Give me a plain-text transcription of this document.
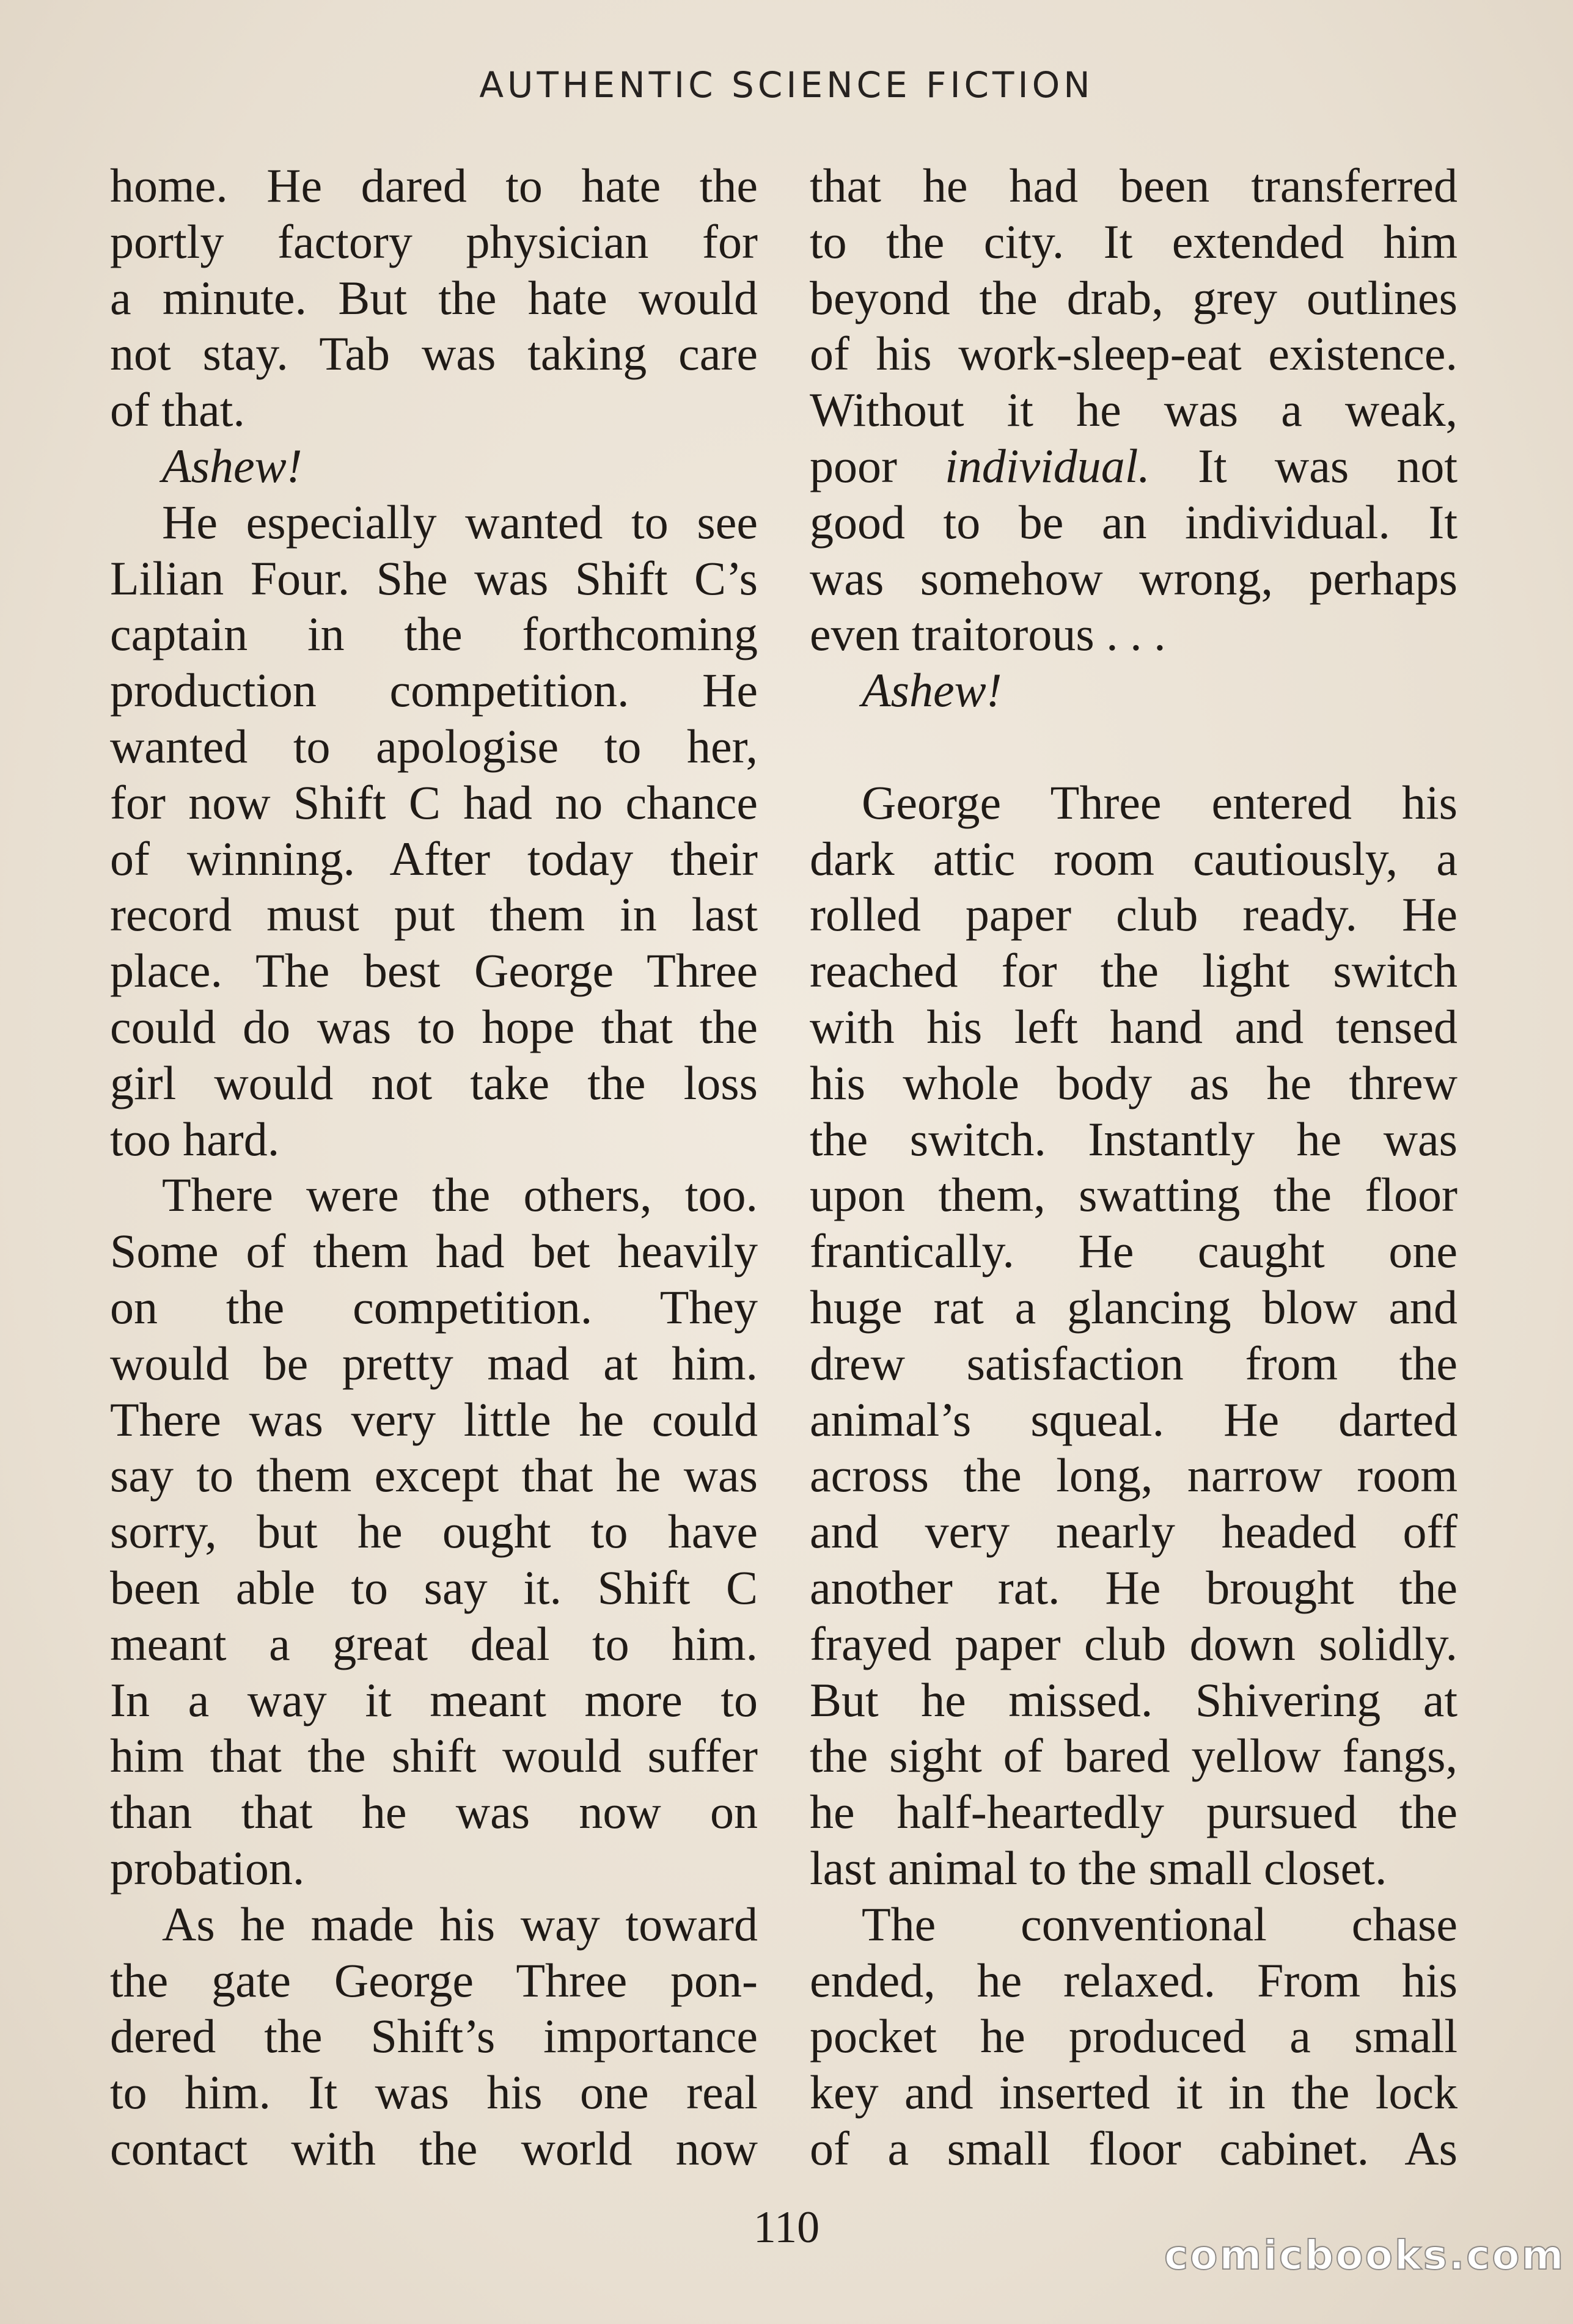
AUTHENTIC SCIENCE FICTION

home. He dared to hate the
portly factory physician for
a minute. But the hate would
not stay. Tab was taking care
of that.

Ashew!

He especially wanted to see
Lilian Four. She was Shift C’s
captain in the forthcoming
production competition. He
wanted to apologise to her,
for now Shift C had no chance
of winning. After today their
record must put them in last
place. The best George Three
could do was to hope that the
girl would not take the loss
too hard.

There were the others, too.
Some of them had bet heavily
on the competition. They
would be pretty mad at him.
There was very little he could
say to them except that he was
sorry, but he ought to have
been able to say it. Shift C
meant a great deal to him.
In a way it meant more to
him that the shift would suffer
than that he was now on
probation.

As he made his way toward
the gate George Three pon-
dered the Shift’s importance
to him. It was his one real
contact with the world now

that he had been transferred
to the city. It extended him
beyond the drab, grey outlines
of his work-sleep-eat existence.
Without it he was a weak,

poor individual. It was not

good to be an individual. It
was somehow wrong, perhaps
even traitorous . . .

Ashew!

George Three entered his
dark attic room cautiously, a
rolled paper club ready. He
reached for the light switch
with his left hand and tensed
his whole body as he threw
the switch. Instantly he was
upon them, swatting the floor
frantically. He caught one
huge rat a glancing blow and
drew satisfaction from the
animal’s squeal. He darted
across the long, narrow room
and very nearly headed off
another rat. He brought the
frayed paper club down solidly.
But he missed. Shivering at
the sight of bared yellow fangs,
he half-heartedly pursued the
last animal to the small closet.

The conventional chase
ended, he relaxed. From his
pocket he produced a small
key and inserted it in the lock
of a small floor cabinet. As

110
comicbooks.com
